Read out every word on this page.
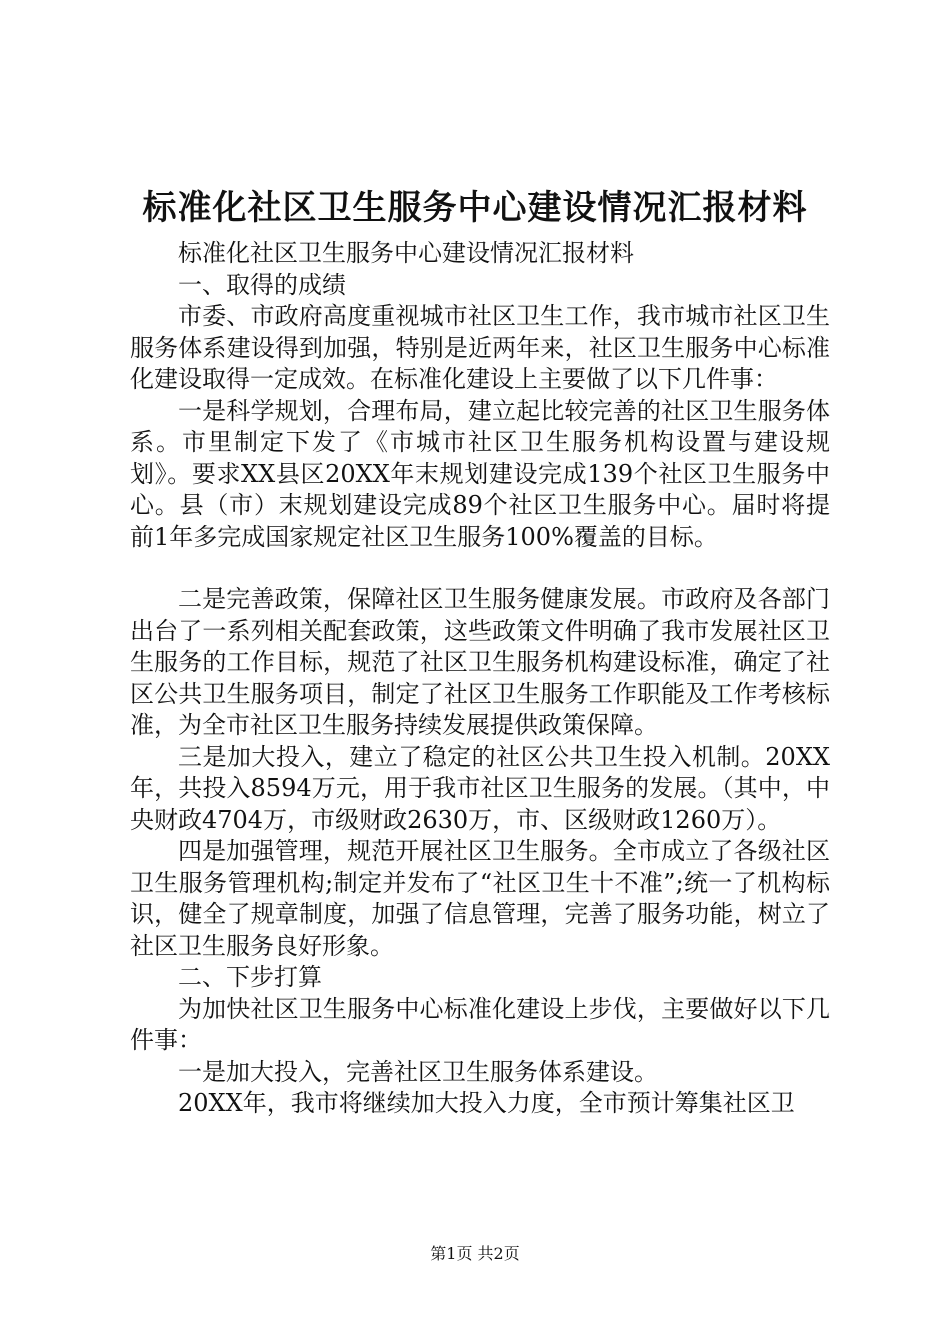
标准化社区卫生服务中心建设情况汇报材料

标准化社区卫生服务中心建设情况汇报材料

一、取得的成绩

市委、市政府高度重视城市社区卫生工作，我市城市社区卫生服务体系建设得到加强，特别是近两年来，社区卫生服务中心标准化建设取得一定成效。在标准化建设上主要做了以下几件事：

一是科学规划，合理布局，建立起比较完善的社区卫生服务体系。市里制定下发了《市城市社区卫生服务机构设置与建设规划》。要求XX县区20XX年末规划建设完成139个社区卫生服务中心。县（市）末规划建设完成89个社区卫生服务中心。届时将提前1年多完成国家规定社区卫生服务100%覆盖的目标。

二是完善政策，保障社区卫生服务健康发展。市政府及各部门出台了一系列相关配套政策，这些政策文件明确了我市发展社区卫生服务的工作目标，规范了社区卫生服务机构建设标准，确定了社区公共卫生服务项目，制定了社区卫生服务工作职能及工作考核标准，为全市社区卫生服务持续发展提供政策保障。

三是加大投入，建立了稳定的社区公共卫生投入机制。20XX年，共投入8594万元，用于我市社区卫生服务的发展。（其中，中央财政4704万，市级财政2630万，市、区级财政1260万）。

四是加强管理，规范开展社区卫生服务。全市成立了各级社区卫生服务管理机构;制定并发布了“社区卫生十不准”;统一了机构标识，健全了规章制度，加强了信息管理，完善了服务功能，树立了社区卫生服务良好形象。

二、下步打算

为加快社区卫生服务中心标准化建设上步伐，主要做好以下几件事：

一是加大投入，完善社区卫生服务体系建设。

20XX年，我市将继续加大投入力度，全市预计筹集社区卫

第1页 共2页
